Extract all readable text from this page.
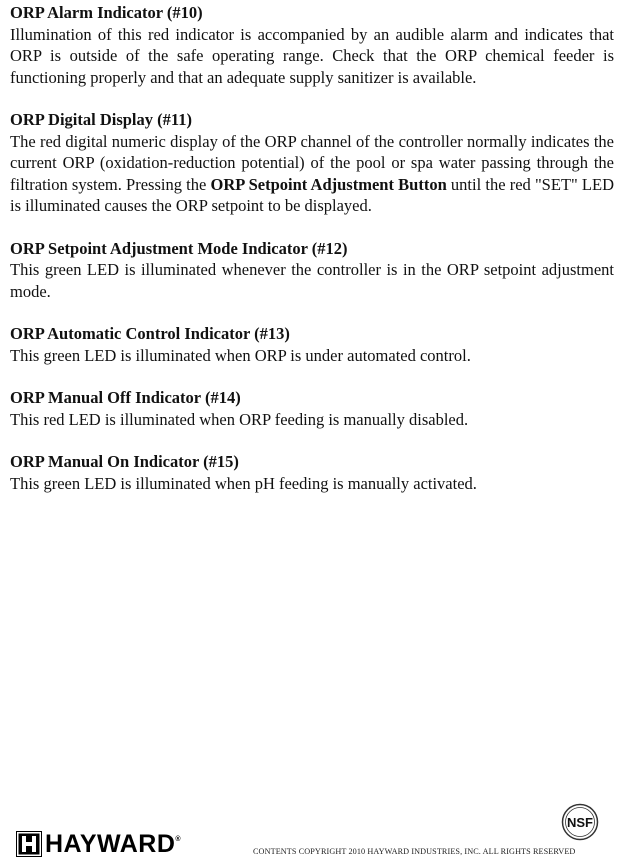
ORP Alarm Indicator (#10)

Illumination of this red indicator is accompanied by an audible alarm and indicates that ORP is outside of the safe operating range. Check that the ORP chemical feeder is functioning properly and that an adequate supply sanitizer is available.

ORP Digital Display (#11)

The red digital numeric display of the ORP channel of the controller normally indicates the current ORP (oxidation-reduction potential) of the pool or spa water passing through the filtration system. Pressing the ORP Setpoint Adjustment Button until the red "SET" LED is illuminated causes the ORP setpoint to be displayed.

ORP Setpoint Adjustment Mode Indicator (#12)

This green LED is illuminated whenever the controller is in the ORP setpoint adjustment mode.

ORP Automatic Control Indicator (#13)

This green LED is illuminated when ORP is under automated control.

ORP Manual Off Indicator (#14)

This red LED is illuminated when ORP feeding is manually disabled.

ORP Manual On Indicator (#15)

This green LED is illuminated when pH feeding is manually activated.

HAYWARD®
NSF
CONTENTS COPYRIGHT 2010 HAYWARD INDUSTRIES, INC. ALL RIGHTS RESERVED
